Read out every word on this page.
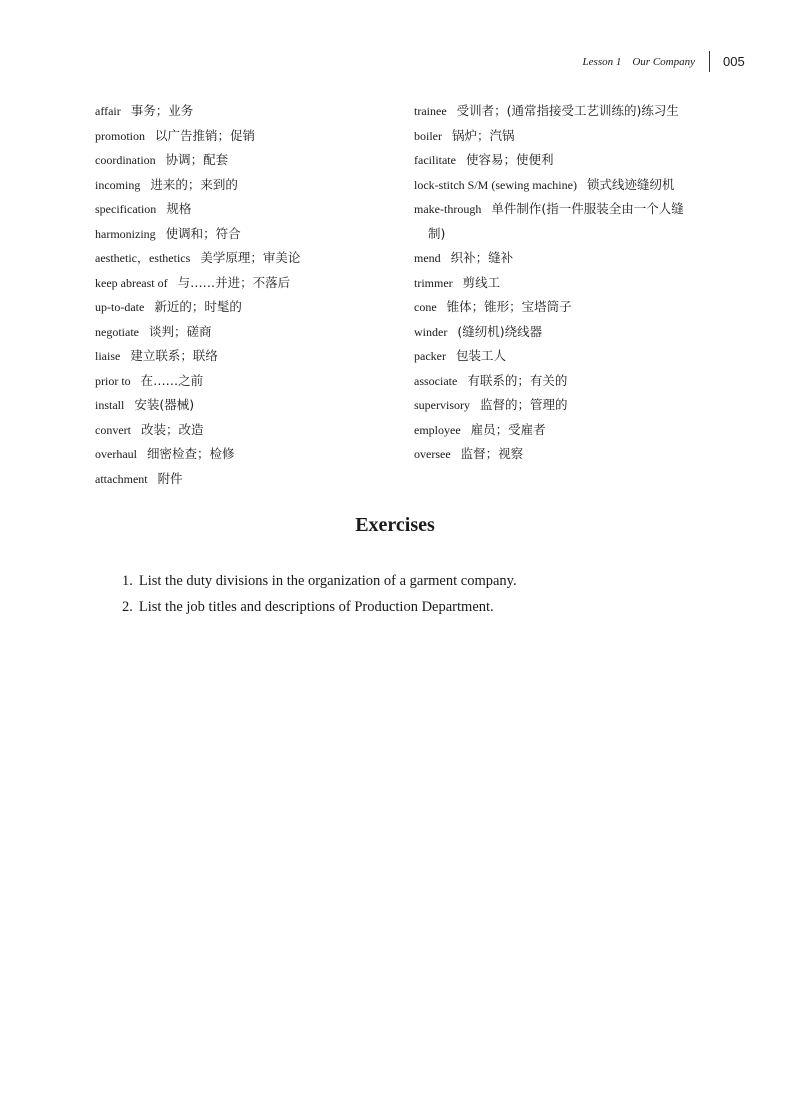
Lesson 1    Our Company 005
affair 事务；业务
promotion 以广告推销；促销
coordination 协调；配套
incoming 进来的；来到的
specification 规格
harmonizing 使调和；符合
aesthetic，esthetics 美学原理；审美论
keep abreast of 与……并进；不落后
up-to-date 新近的；时髦的
negotiate 谈判；磋商
liaise 建立联系；联络
prior to 在……之前
install 安装(器械)
convert 改装；改造
overhaul 细密检查；检修
attachment 附件
trainee 受训者；(通常指接受工艺训练的)练习生
boiler 锅炉；汽锅
facilitate 使容易；使便利
lock-stitch S/M (sewing machine) 锁式线迹缝纫机
make-through 单件制作(指一件服装全由一个人缝
制)
mend 织补；缝补
trimmer 剪线工
cone 锥体；锥形；宝塔筒子
winder (缝纫机)绕线器
packer 包装工人
associate 有联系的；有关的
supervisory 监督的；管理的
employee 雇员；受雇者
oversee 监督；视察
Exercises
1. List the duty divisions in the organization of a garment company.
2. List the job titles and descriptions of Production Department.
